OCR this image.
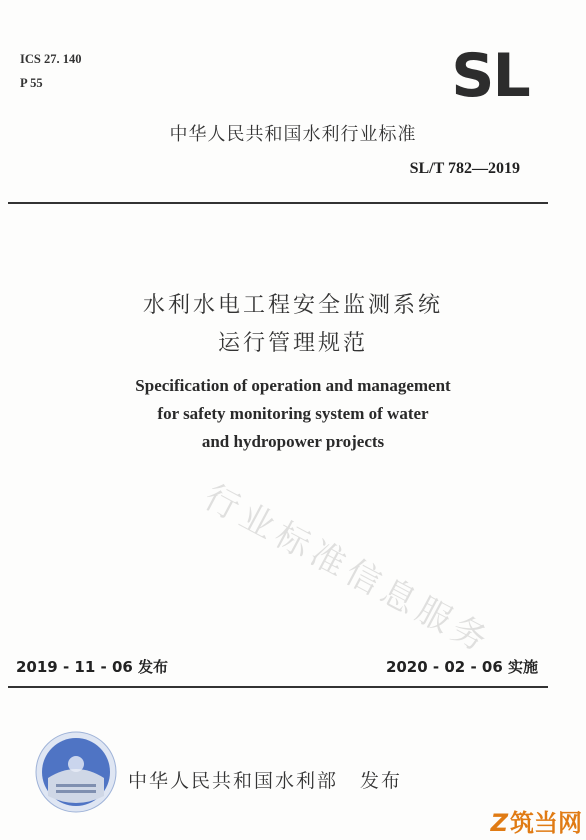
ICS 27. 140
P 55	SL
中华人民共和国水利行业标准
SL/T 782—2019
水利水电工程安全监测系统
运行管理规范
Specification of operation and management
for safety monitoring system of water
and hydropower projects
行业标准信息服务
2019 - 11 - 06 发布	2020 - 02 - 06 实施
中华人民共和国水利部 发布
Z筑当网
